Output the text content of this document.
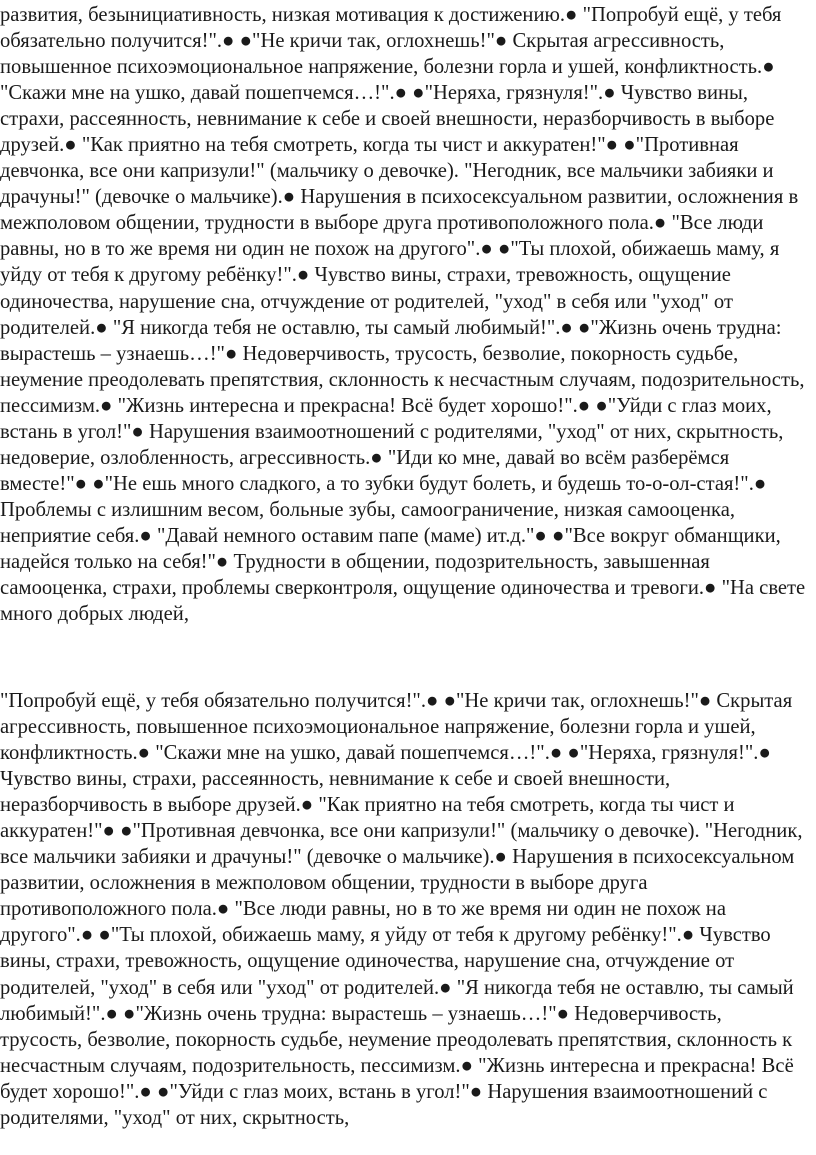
развития, безынициативность, низкая мотивация к достижению.● "Попробуй ещё, у тебя обязательно получится!".● ●"Не кричи так, оглохнешь!"● Скрытая агрессивность, повышенное психоэмоциональное напряжение, болезни горла и ушей, конфликтность.● "Скажи мне на ушко, давай пошепчемся…!".● ●"Неряха, грязнуля!".● Чувство вины, страхи, рассеянность, невнимание к себе и своей внешности, неразборчивость в выборе друзей.● "Как приятно на тебя смотреть, когда ты чист и аккуратен!"● ●"Противная девчонка, все они капризули!" (мальчику о девочке). "Негодник, все мальчики забияки и драчуны!" (девочке о мальчике).● Нарушения в психосексуальном развитии, осложнения в межполовом общении, трудности в выборе друга противоположного пола.● "Все люди равны, но в то же время ни один не похож на другого".● ●"Ты плохой, обижаешь маму, я уйду от тебя к другому ребёнку!".● Чувство вины, страхи, тревожность, ощущение одиночества, нарушение сна, отчуждение от родителей, "уход" в себя или "уход" от родителей.● "Я никогда тебя не оставлю, ты самый любимый!".● ●"Жизнь очень трудна: вырастешь – узнаешь…!"● Недоверчивость, трусость, безволие, покорность судьбе, неумение преодолевать препятствия, склонность к несчастным случаям, подозрительность, пессимизм.● "Жизнь интересна и прекрасна! Всё будет хорошо!".● ●"Уйди с глаз моих, встань в угол!"● Нарушения взаимоотношений с родителями, "уход" от них, скрытность, недоверие, озлобленность, агрессивность.● "Иди ко мне, давай во всём разберёмся вместе!"● ●"Не ешь много сладкого, а то зубки будут болеть, и будешь то-о-ол-стая!".● Проблемы с излишним весом, больные зубы, самоограничение, низкая самооценка, неприятие себя.● "Давай немного оставим папе (маме) ит.д."● ●"Все вокруг обманщики, надейся только на себя!"● Трудности в общении, подозрительность, завышенная самооценка, страхи, проблемы сверконтроля, ощущение одиночества и тревоги.● "На свете много добрых людей,

"Попробуй ещё, у тебя обязательно получится!".● ●"Не кричи так, оглохнешь!"● Скрытая агрессивность, повышенное психоэмоциональное напряжение, болезни горла и ушей, конфликтность.● "Скажи мне на ушко, давай пошепчемся…!".● ●"Неряха, грязнуля!".● Чувство вины, страхи, рассеянность, невнимание к себе и своей внешности, неразборчивость в выборе друзей.● "Как приятно на тебя смотреть, когда ты чист и аккуратен!"● ●"Противная девчонка, все они капризули!" (мальчику о девочке). "Негодник, все мальчики забияки и драчуны!" (девочке о мальчике).● Нарушения в психосексуальном развитии, осложнения в межполовом общении, трудности в выборе друга противоположного пола.● "Все люди равны, но в то же время ни один не похож на другого".● ●"Ты плохой, обижаешь маму, я уйду от тебя к другому ребёнку!".● Чувство вины, страхи, тревожность, ощущение одиночества, нарушение сна, отчуждение от родителей, "уход" в себя или "уход" от родителей.● "Я никогда тебя не оставлю, ты самый любимый!".● ●"Жизнь очень трудна: вырастешь – узнаешь…!"● Недоверчивость, трусость, безволие, покорность судьбе, неумение преодолевать препятствия, склонность к несчастным случаям, подозрительность, пессимизм.● "Жизнь интересна и прекрасна! Всё будет хорошо!".● ●"Уйди с глаз моих, встань в угол!"● Нарушения взаимоотношений с родителями, "уход" от них, скрытность,
